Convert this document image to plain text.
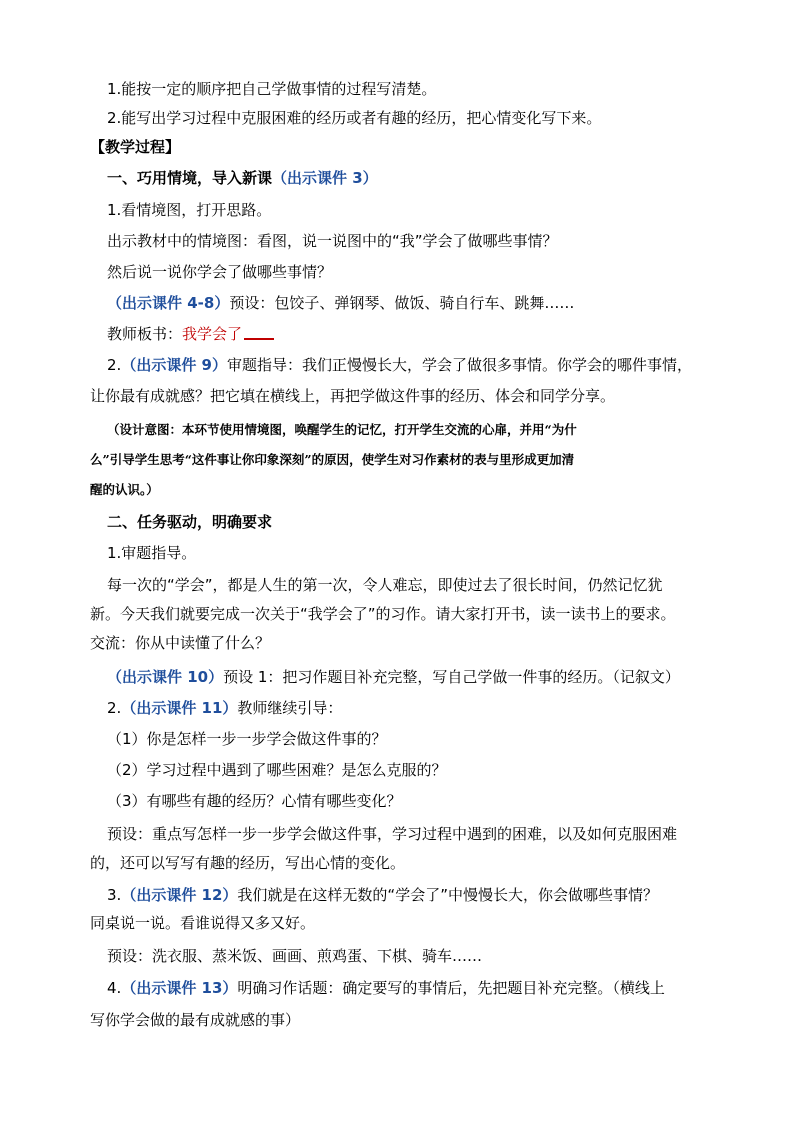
1.能按一定的顺序把自己学做事情的过程写清楚。
2.能写出学习过程中克服困难的经历或者有趣的经历，把心情变化写下来。
【教学过程】
一、巧用情境，导入新课（出示课件 3）
1.看情境图，打开思路。
出示教材中的情境图：看图，说一说图中的“我”学会了做哪些事情？
然后说一说你学会了做哪些事情？
（出示课件 4-8）预设：包饺子、弹钢琴、做饭、骑自行车、跳舞……
教师板书：我学会了
2.（出示课件 9）审题指导：我们正慢慢长大，学会了做很多事情。你学会的哪件事情，
让你最有成就感？把它填在横线上，再把学做这件事的经历、体会和同学分享。
（设计意图：本环节使用情境图，唤醒学生的记忆，打开学生交流的心扉，并用“为什
么”引导学生思考“这件事让你印象深刻”的原因，使学生对习作素材的表与里形成更加清
醒的认识。）
二、任务驱动，明确要求
1.审题指导。
每一次的“学会”，都是人生的第一次，令人难忘，即使过去了很长时间，仍然记忆犹
新。今天我们就要完成一次关于“我学会了”的习作。请大家打开书，读一读书上的要求。
交流：你从中读懂了什么？
（出示课件 10）预设 1：把习作题目补充完整，写自己学做一件事的经历。（记叙文）
2.（出示课件 11）教师继续引导：
（1）你是怎样一步一步学会做这件事的？
（2）学习过程中遇到了哪些困难？是怎么克服的？
（3）有哪些有趣的经历？心情有哪些变化？
预设：重点写怎样一步一步学会做这件事，学习过程中遇到的困难，以及如何克服困难
的，还可以写写有趣的经历，写出心情的变化。
3.（出示课件 12）我们就是在这样无数的“学会了”中慢慢长大，你会做哪些事情？
同桌说一说。看谁说得又多又好。
预设：洗衣服、蒸米饭、画画、煎鸡蛋、下棋、骑车……
4.（出示课件 13）明确习作话题：确定要写的事情后，先把题目补充完整。（横线上
写你学会做的最有成就感的事）
